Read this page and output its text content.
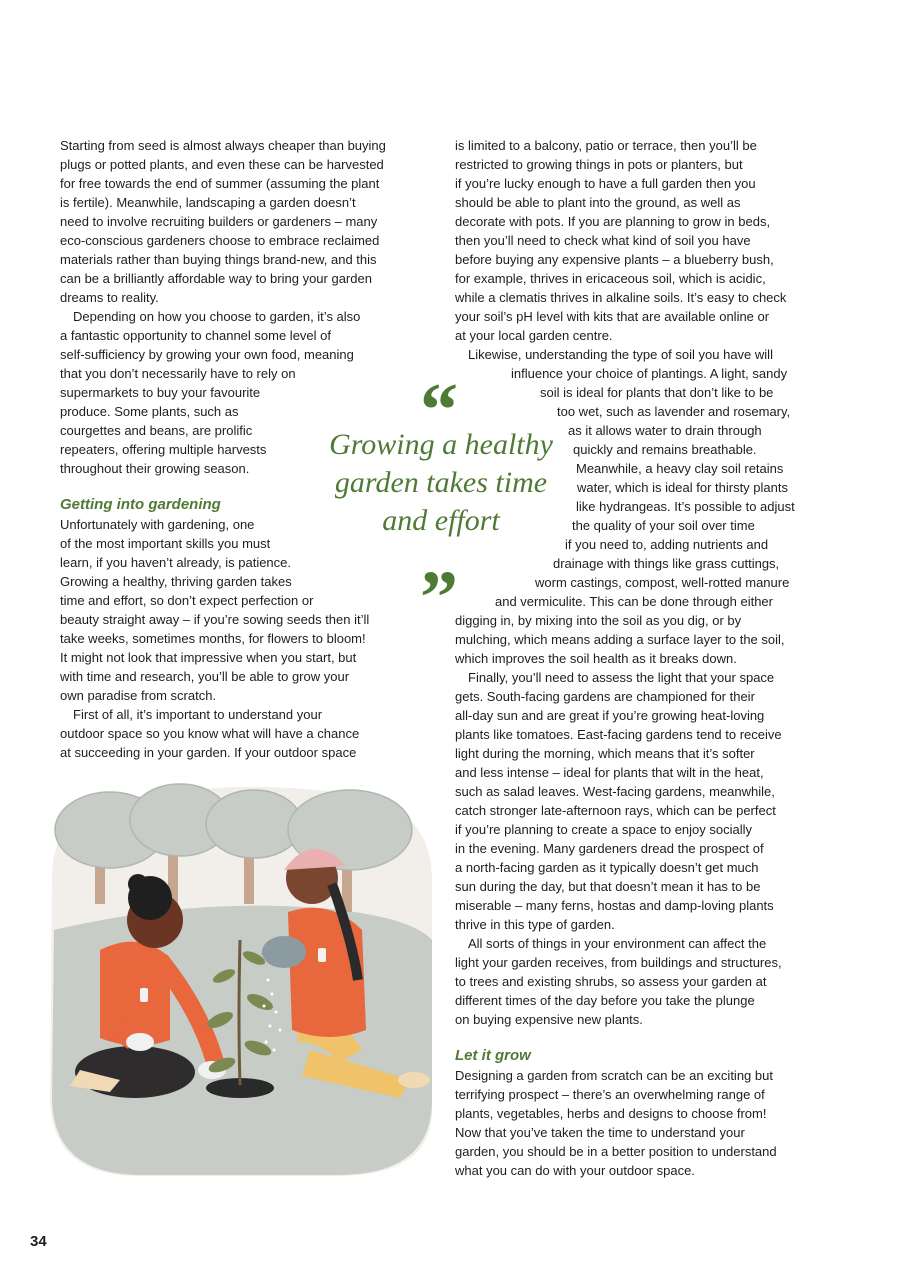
Starting from seed is almost always cheaper than buying
plugs or potted plants, and even these can be harvested
for free towards the end of summer (assuming the plant
is fertile). Meanwhile, landscaping a garden doesn’t
need to involve recruiting builders or gardeners – many
eco-conscious gardeners choose to embrace reclaimed
materials rather than buying things brand-new, and this
can be a brilliantly affordable way to bring your garden
dreams to reality.
Depending on how you choose to garden, it’s also
a fantastic opportunity to channel some level of
self-sufficiency by growing your own food, meaning
that you don’t necessarily have to rely on
supermarkets to buy your favourite
produce. Some plants, such as
courgettes and beans, are prolific
repeaters, offering multiple harvests
throughout their growing season.
Getting into gardening
Unfortunately with gardening, one
of the most important skills you must
learn, if you haven’t already, is patience.
Growing a healthy, thriving garden takes
time and effort, so don’t expect perfection or
beauty straight away – if you’re sowing seeds then it’ll
take weeks, sometimes months, for flowers to bloom!
It might not look that impressive when you start, but
with time and research, you’ll be able to grow your
own paradise from scratch.
First of all, it’s important to understand your
outdoor space so you know what will have a chance
at succeeding in your garden. If your outdoor space
is limited to a balcony, patio or terrace, then you’ll be
restricted to growing things in pots or planters, but
if you’re lucky enough to have a full garden then you
should be able to plant into the ground, as well as
decorate with pots. If you are planning to grow in beds,
then you’ll need to check what kind of soil you have
before buying any expensive plants – a blueberry bush,
for example, thrives in ericaceous soil, which is acidic,
while a clematis thrives in alkaline soils. It’s easy to check
your soil’s pH level with kits that are available online or
at your local garden centre.
Likewise, understanding the type of soil you have will
influence your choice of plantings. A light, sandy
soil is ideal for plants that don’t like to be
too wet, such as lavender and rosemary,
as it allows water to drain through
quickly and remains breathable.
Meanwhile, a heavy clay soil retains
water, which is ideal for thirsty plants
like hydrangeas. It’s possible to adjust
the quality of your soil over time
if you need to, adding nutrients and
drainage with things like grass cuttings,
worm castings, compost, well-rotted manure
and vermiculite. This can be done through either
digging in, by mixing into the soil as you dig, or by
mulching, which means adding a surface layer to the soil,
which improves the soil health as it breaks down.
Finally, you’ll need to assess the light that your space
gets. South-facing gardens are championed for their
all-day sun and are great if you’re growing heat-loving
plants like tomatoes. East-facing gardens tend to receive
light during the morning, which means that it’s softer
and less intense – ideal for plants that wilt in the heat,
such as salad leaves. West-facing gardens, meanwhile,
catch stronger late-afternoon rays, which can be perfect
if you’re planning to create a space to enjoy socially
in the evening. Many gardeners dread the prospect of
a north-facing garden as it typically doesn’t get much
sun during the day, but that doesn’t mean it has to be
miserable – many ferns, hostas and damp-loving plants
thrive in this type of garden.
All sorts of things in your environment can affect the
light your garden receives, from buildings and structures,
to trees and existing shrubs, so assess your garden at
different times of the day before you take the plunge
on buying expensive new plants.
Let it grow
Designing a garden from scratch can be an exciting but
terrifying prospect – there’s an overwhelming range of
plants, vegetables, herbs and designs to choose from!
Now that you’ve taken the time to understand your
garden, you should be in a better position to understand
what you can do with your outdoor space.
“
Growing a healthy
garden takes time
and effort
”
34
